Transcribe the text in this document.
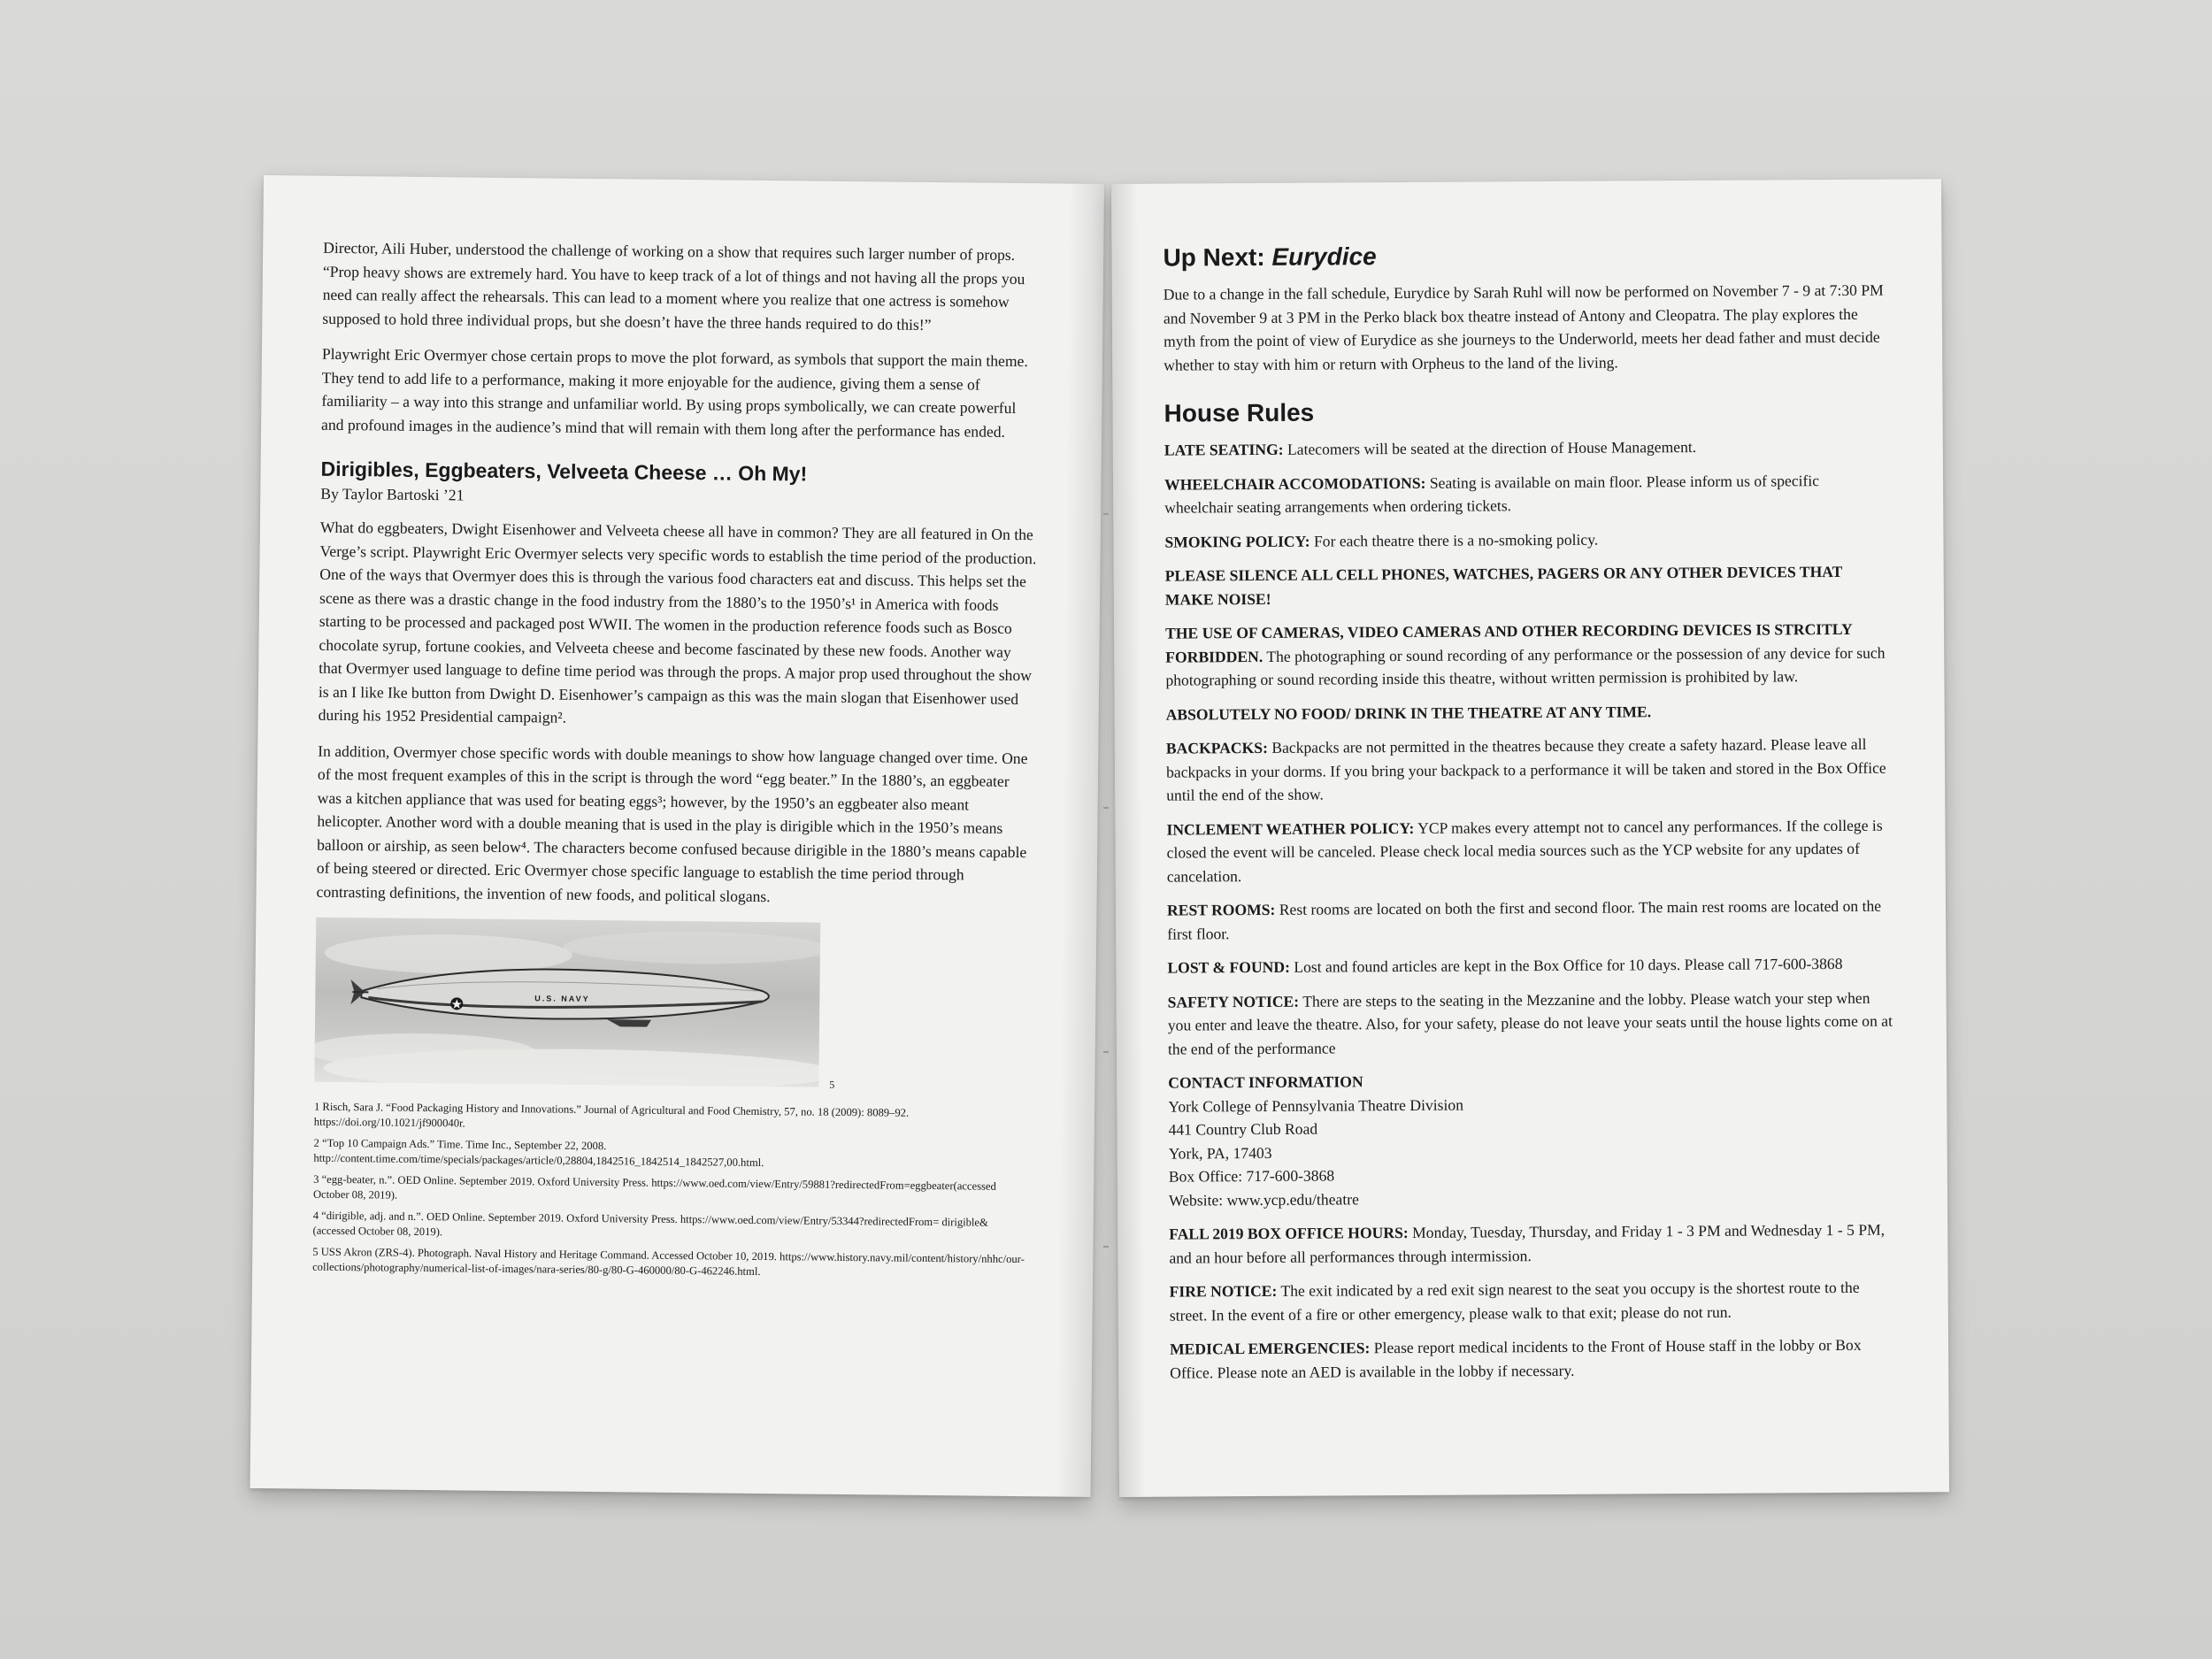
Director, Aili Huber, understood the challenge of working on a show that requires such larger number of props. “Prop heavy shows are extremely hard. You have to keep track of a lot of things and not having all the props you need can really affect the rehearsals. This can lead to a moment where you realize that one actress is somehow supposed to hold three individual props, but she doesn’t have the three hands required to do this!”

Playwright Eric Overmyer chose certain props to move the plot forward, as symbols that support the main theme. They tend to add life to a performance, making it more enjoyable for the audience, giving them a sense of familiarity – a way into this strange and unfamiliar world. By using props symbolically, we can create powerful and profound images in the audience’s mind that will remain with them long after the performance has ended.

Dirigibles, Eggbeaters, Velveeta Cheese … Oh My!
By Taylor Bartoski ’21

What do eggbeaters, Dwight Eisenhower and Velveeta cheese all have in common? They are all featured in On the Verge’s script. Playwright Eric Overmyer selects very specific words to establish the time period of the production. One of the ways that Overmyer does this is through the various food characters eat and discuss. This helps set the scene as there was a drastic change in the food industry from the 1880’s to the 1950’s¹ in America with foods starting to be processed and packaged post WWII. The women in the production reference foods such as Bosco chocolate syrup, fortune cookies, and Velveeta cheese and become fascinated by these new foods. Another way that Overmyer used language to define time period was through the props. A major prop used throughout the show is an I like Ike button from Dwight D. Eisenhower’s campaign as this was the main slogan that Eisenhower used during his 1952 Presidential campaign².

In addition, Overmyer chose specific words with double meanings to show how language changed over time. One of the most frequent examples of this in the script is through the word “egg beater.” In the 1880’s, an eggbeater was a kitchen appliance that was used for beating eggs³; however, by the 1950’s an eggbeater also meant helicopter. Another word with a double meaning that is used in the play is dirigible which in the 1950’s means balloon or airship, as seen below⁴. The characters become confused because dirigible in the 1880’s means capable of being steered or directed. Eric Overmyer chose specific language to establish the time period through contrasting definitions, the invention of new foods, and political slogans.

U.S. NAVY
5
1 Risch, Sara J. “Food Packaging History and Innovations.” Journal of Agricultural and Food Chemistry, 57, no. 18 (2009): 8089–92. https://doi.org/10.1021/jf900040r.
2 “Top 10 Campaign Ads.” Time. Time Inc., September 22, 2008. http://content.time.com/time/specials/packages/article/0,28804,1842516_1842514_1842527,00.html.
3 “egg-beater, n.”. OED Online. September 2019. Oxford University Press. https://www.oed.com/view/Entry/59881?redirectedFrom=eggbeater(accessed October 08, 2019).
4 “dirigible, adj. and n.”. OED Online. September 2019. Oxford University Press. https://www.oed.com/view/Entry/53344?redirectedFrom= dirigible& (accessed October 08, 2019).
5 USS Akron (ZRS-4). Photograph. Naval History and Heritage Command. Accessed October 10, 2019. https://www.history.navy.mil/content/history/nhhc/our-collections/photography/numerical-list-of-images/nara-series/80-g/80-G-460000/80-G-462246.html.
Up Next: Eurydice

Due to a change in the fall schedule, Eurydice by Sarah Ruhl will now be performed on November 7 - 9 at 7:30 PM and November 9 at 3 PM in the Perko black box theatre instead of Antony and Cleopatra. The play explores the myth from the point of view of Eurydice as she journeys to the Underworld, meets her dead father and must decide whether to stay with him or return with Orpheus to the land of the living.

House Rules

LATE SEATING: Latecomers will be seated at the direction of House Management.

WHEELCHAIR ACCOMODATIONS: Seating is available on main floor. Please inform us of specific wheelchair seating arrangements when ordering tickets.

SMOKING POLICY: For each theatre there is a no-smoking policy.

PLEASE SILENCE ALL CELL PHONES, WATCHES, PAGERS OR ANY OTHER DEVICES THAT MAKE NOISE!

THE USE OF CAMERAS, VIDEO CAMERAS AND OTHER RECORDING DEVICES IS STRCITLY FORBIDDEN. The photographing or sound recording of any performance or the possession of any device for such photographing or sound recording inside this theatre, without written permission is prohibited by law.

ABSOLUTELY NO FOOD/ DRINK IN THE THEATRE AT ANY TIME.

BACKPACKS: Backpacks are not permitted in the theatres because they create a safety hazard. Please leave all backpacks in your dorms. If you bring your backpack to a performance it will be taken and stored in the Box Office until the end of the show.

INCLEMENT WEATHER POLICY: YCP makes every attempt not to cancel any performances. If the college is closed the event will be canceled. Please check local media sources such as the YCP website for any updates of cancelation.

REST ROOMS: Rest rooms are located on both the first and second floor. The main rest rooms are located on the first floor.

LOST & FOUND: Lost and found articles are kept in the Box Office for 10 days. Please call 717-600-3868

SAFETY NOTICE: There are steps to the seating in the Mezzanine and the lobby. Please watch your step when you enter and leave the theatre. Also, for your safety, please do not leave your seats until the house lights come on at the end of the performance

CONTACT INFORMATION
York College of Pennsylvania Theatre Division
441 Country Club Road
York, PA, 17403
Box Office: 717-600-3868
Website: www.ycp.edu/theatre

FALL 2019 BOX OFFICE HOURS: Monday, Tuesday, Thursday, and Friday 1 - 3 PM and Wednesday 1 - 5 PM, and an hour before all performances through intermission.

FIRE NOTICE: The exit indicated by a red exit sign nearest to the seat you occupy is the shortest route to the street. In the event of a fire or other emergency, please walk to that exit; please do not run.

MEDICAL EMERGENCIES: Please report medical incidents to the Front of House staff in the lobby or Box Office. Please note an AED is available in the lobby if necessary.
